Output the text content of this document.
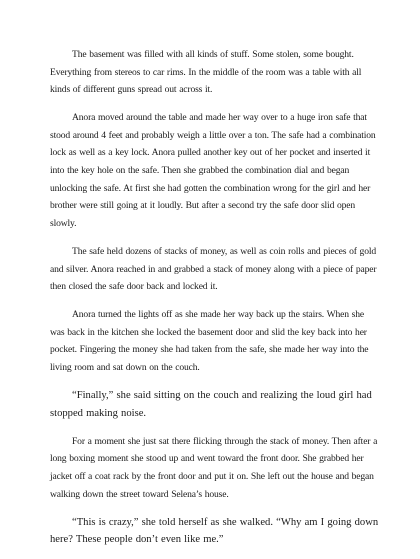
The basement was filled with all kinds of stuff. Some stolen, some bought. Everything from stereos to car rims. In the middle of the room was a table with all kinds of different guns spread out across it.

Anora moved around the table and made her way over to a huge iron safe that stood around 4 feet and probably weigh a little over a ton. The safe had a combination lock as well as a key lock. Anora pulled another key out of her pocket and inserted it into the key hole on the safe. Then she grabbed the combination dial and began unlocking the safe. At first she had gotten the combination wrong for the girl and her brother were still going at it loudly. But after a second try the safe door slid open slowly.

The safe held dozens of stacks of money, as well as coin rolls and pieces of gold and silver. Anora reached in and grabbed a stack of money along with a piece of paper then closed the safe door back and locked it.

Anora turned the lights off as she made her way back up the stairs. When she was back in the kitchen she locked the basement door and slid the key back into her pocket. Fingering the money she had taken from the safe, she made her way into the living room and sat down on the couch.

“Finally,” she said sitting on the couch and realizing the loud girl had stopped making noise.

For a moment she just sat there flicking through the stack of money. Then after a long boxing moment she stood up and went toward the front door. She grabbed her jacket off a coat rack by the front door and put it on. She left out the house and began walking down the street toward Selena’s house.

“This is crazy,” she told herself as she walked. “Why am I going down here? These people don’t even like me.”
